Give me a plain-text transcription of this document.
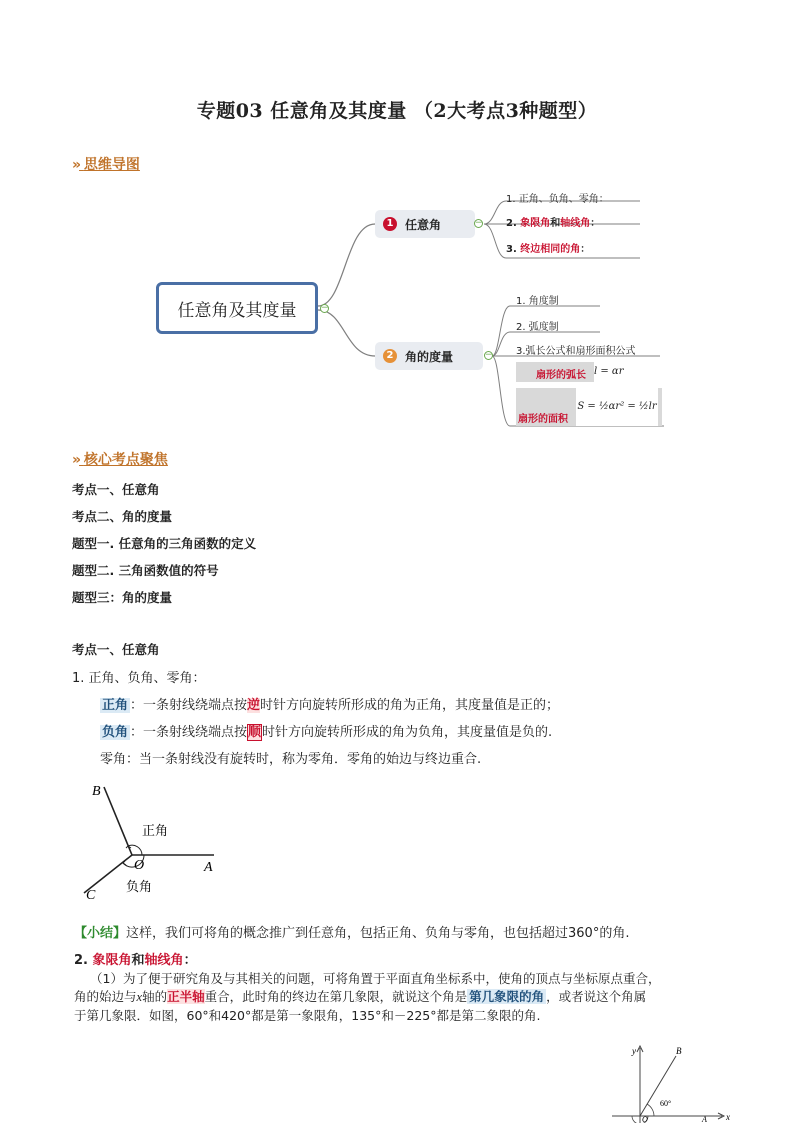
专题03 任意角及其度量 （2大考点3种题型）
» 思维导图
任意角及其度量	−
1 任意角	−
1. 正角、负角、零角：
2. 象限角和轴线角：
3. 终边相同的角：
2 角的度量	−
1. 角度制
2. 弧度制
3.弧长公式和扇形面积公式
扇形的弧长 l = αr
扇形的面积
S = ½αr² = ½lr
» 核心考点聚焦
考点一、任意角
考点二、角的度量
题型一. 任意角的三角函数的定义
题型二. 三角函数值的符号
题型三：角的度量
考点一、任意角
1. 正角、负角、零角：
正角 ：一条射线绕端点按逆时针方向旋转所形成的角为正角，其度量值是正的；
负角 ：一条射线绕端点按顺时针方向旋转所形成的角为负角，其度量值是负的.
零角：当一条射线没有旋转时，称为零角．零角的始边与终边重合.
B
正角
O	A
C
负角
【小结】这样，我们可将角的概念推广到任意角，包括正角、负角与零角，也包括超过360°的角.
2. 象限角和轴线角：
（1）为了便于研究角及与其相关的问题，可将角置于平面直角坐标系中，使角的顶点与坐标原点重合，
角的始边与x轴的正半轴重合，此时角的终边在第几象限，就说这个角是 第几象限的角 ，或者说这个角属
于第几象限．如图，60°和420°都是第一象限角，135°和－225°都是第二象限的角.
y
x
B
60°
O	A
